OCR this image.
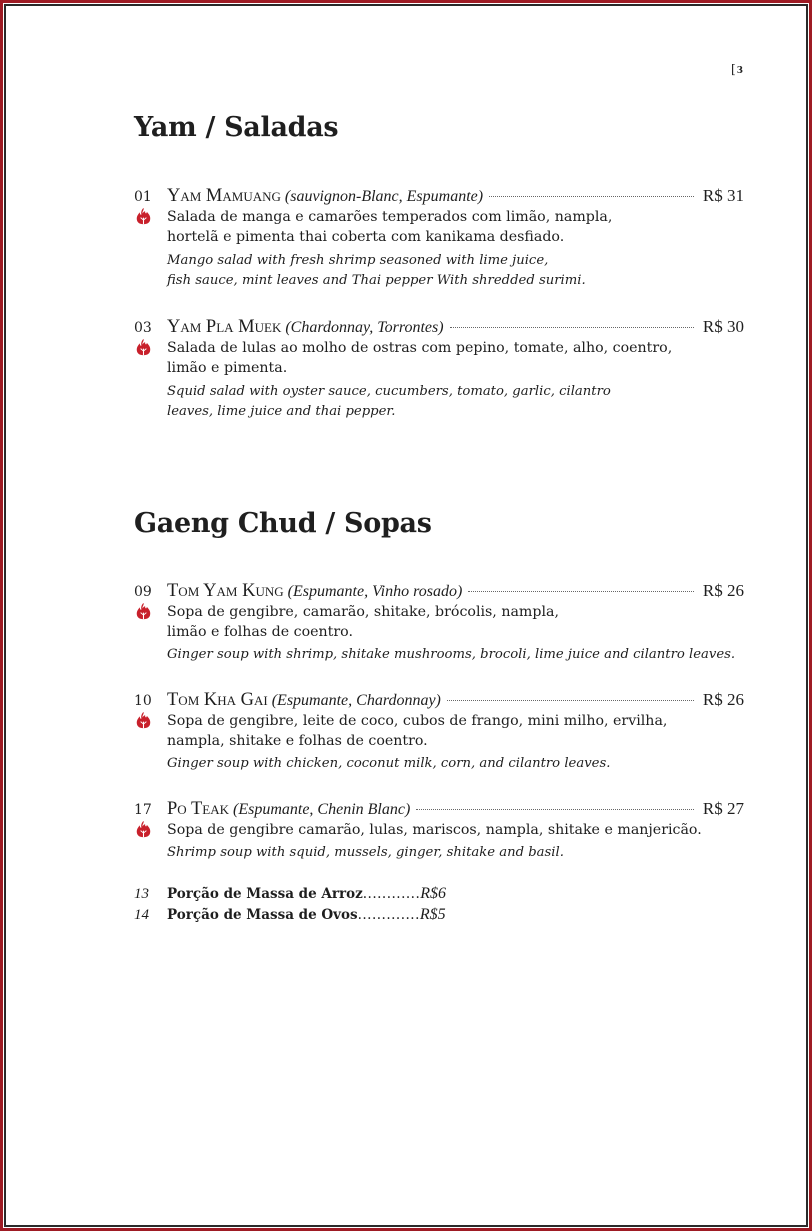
[3
Yam / Saladas
01 Yam Mamuang (sauvignon-Blanc, Espumante)	R$ 31
Salada de manga e camarões temperados com limão, nampla,
hortelã e pimenta thai coberta com kanikama desfiado.
Mango salad with fresh shrimp seasoned with lime juice,
fish sauce, mint leaves and Thai pepper With shredded surimi.
03 Yam Pla Muek (Chardonnay, Torrontes)	R$ 30
Salada de lulas ao molho de ostras com pepino, tomate, alho, coentro,
limão e pimenta.
Squid salad with oyster sauce, cucumbers, tomato, garlic, cilantro
leaves, lime juice and thai pepper.
Gaeng Chud / Sopas
09 Tom Yam Kung (Espumante, Vinho rosado)	R$ 26
Sopa de gengibre, camarão, shitake, brócolis, nampla,
limão e folhas de coentro.
Ginger soup with shrimp, shitake mushrooms, brocoli, lime juice and cilantro leaves.
10 Tom Kha Gai (Espumante, Chardonnay)	R$ 26
Sopa de gengibre, leite de coco, cubos de frango, mini milho, ervilha,
nampla, shitake e folhas de coentro.
Ginger soup with chicken, coconut milk, corn, and cilantro leaves.
17 Po Teak (Espumante, Chenin Blanc)	R$ 27
Sopa de gengibre camarão, lulas, mariscos, nampla, shitake e manjericão.
Shrimp soup with squid, mussels, ginger, shitake and basil.
13	Porção de Massa de Arroz ............ R$6
14	Porção de Massa de Ovos ............. R$5
